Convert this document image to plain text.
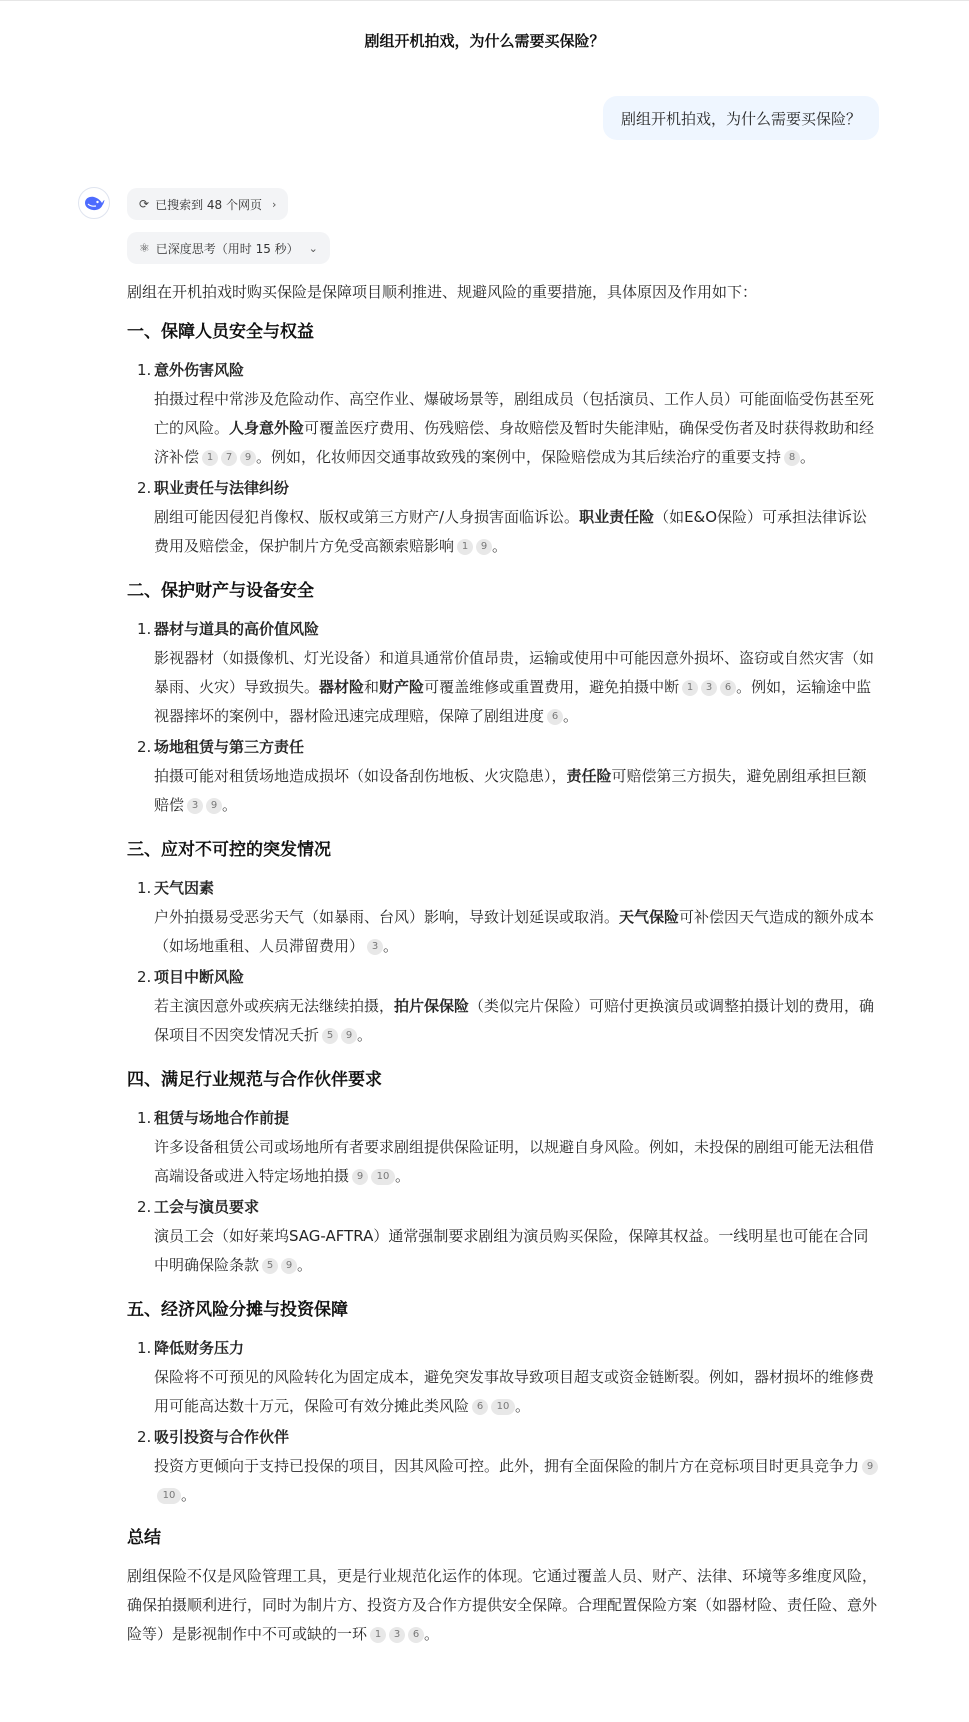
剧组开机拍戏，为什么需要买保险？
剧组开机拍戏，为什么需要买保险？
⟳ 已搜索到 48 个网页 ›
⚛ 已深度思考（用时 15 秒） ⌄

剧组在开机拍戏时购买保险是保障项目顺利推进、规避风险的重要措施，具体原因及作用如下：

一、保障人员安全与权益
1. 意外伤害风险

拍摄过程中常涉及危险动作、高空作业、爆破场景等，剧组成员（包括演员、工作人员）可能面临受伤甚至死亡的风险。人身意外险可覆盖医疗费用、伤残赔偿、身故赔偿及暂时失能津贴，确保受伤者及时获得救助和经济补偿 1 7 9 。例如，化妆师因交通事故致残的案例中，保险赔偿成为其后续治疗的重要支持 8 。

2. 职业责任与法律纠纷

剧组可能因侵犯肖像权、版权或第三方财产/人身损害面临诉讼。职业责任险（如E&O保险）可承担法律诉讼费用及赔偿金，保护制片方免受高额索赔影响 1 9 。

二、保护财产与设备安全
1. 器材与道具的高价值风险

影视器材（如摄像机、灯光设备）和道具通常价值昂贵，运输或使用中可能因意外损坏、盗窃或自然灾害（如暴雨、火灾）导致损失。器材险和财产险可覆盖维修或重置费用，避免拍摄中断 1 3 6 。例如，运输途中监视器摔坏的案例中，器材险迅速完成理赔，保障了剧组进度 6 。

2. 场地租赁与第三方责任

拍摄可能对租赁场地造成损坏（如设备刮伤地板、火灾隐患），责任险可赔偿第三方损失，避免剧组承担巨额赔偿 3 9 。

三、应对不可控的突发情况
1. 天气因素

户外拍摄易受恶劣天气（如暴雨、台风）影响，导致计划延误或取消。天气保险可补偿因天气造成的额外成本（如场地重租、人员滞留费用） 3 。

2. 项目中断风险

若主演因意外或疾病无法继续拍摄，拍片保保险（类似完片保险）可赔付更换演员或调整拍摄计划的费用，确保项目不因突发情况夭折 5 9 。

四、满足行业规范与合作伙伴要求
1. 租赁与场地合作前提

许多设备租赁公司或场地所有者要求剧组提供保险证明，以规避自身风险。例如，未投保的剧组可能无法租借高端设备或进入特定场地拍摄 9 10 。

2. 工会与演员要求

演员工会（如好莱坞SAG-AFTRA）通常强制要求剧组为演员购买保险，保障其权益。一线明星也可能在合同中明确保险条款 5 9 。

五、经济风险分摊与投资保障
1. 降低财务压力

保险将不可预见的风险转化为固定成本，避免突发事故导致项目超支或资金链断裂。例如，器材损坏的维修费用可能高达数十万元，保险可有效分摊此类风险 6 10 。

2. 吸引投资与合作伙伴

投资方更倾向于支持已投保的项目，因其风险可控。此外，拥有全面保险的制片方在竞标项目时更具竞争力 910 。

总结

剧组保险不仅是风险管理工具，更是行业规范化运作的体现。它通过覆盖人员、财产、法律、环境等多维度风险，确保拍摄顺利进行，同时为制片方、投资方及合作方提供安全保障。合理配置保险方案（如器材险、责任险、意外险等）是影视制作中不可或缺的一环 1 3 6 。
